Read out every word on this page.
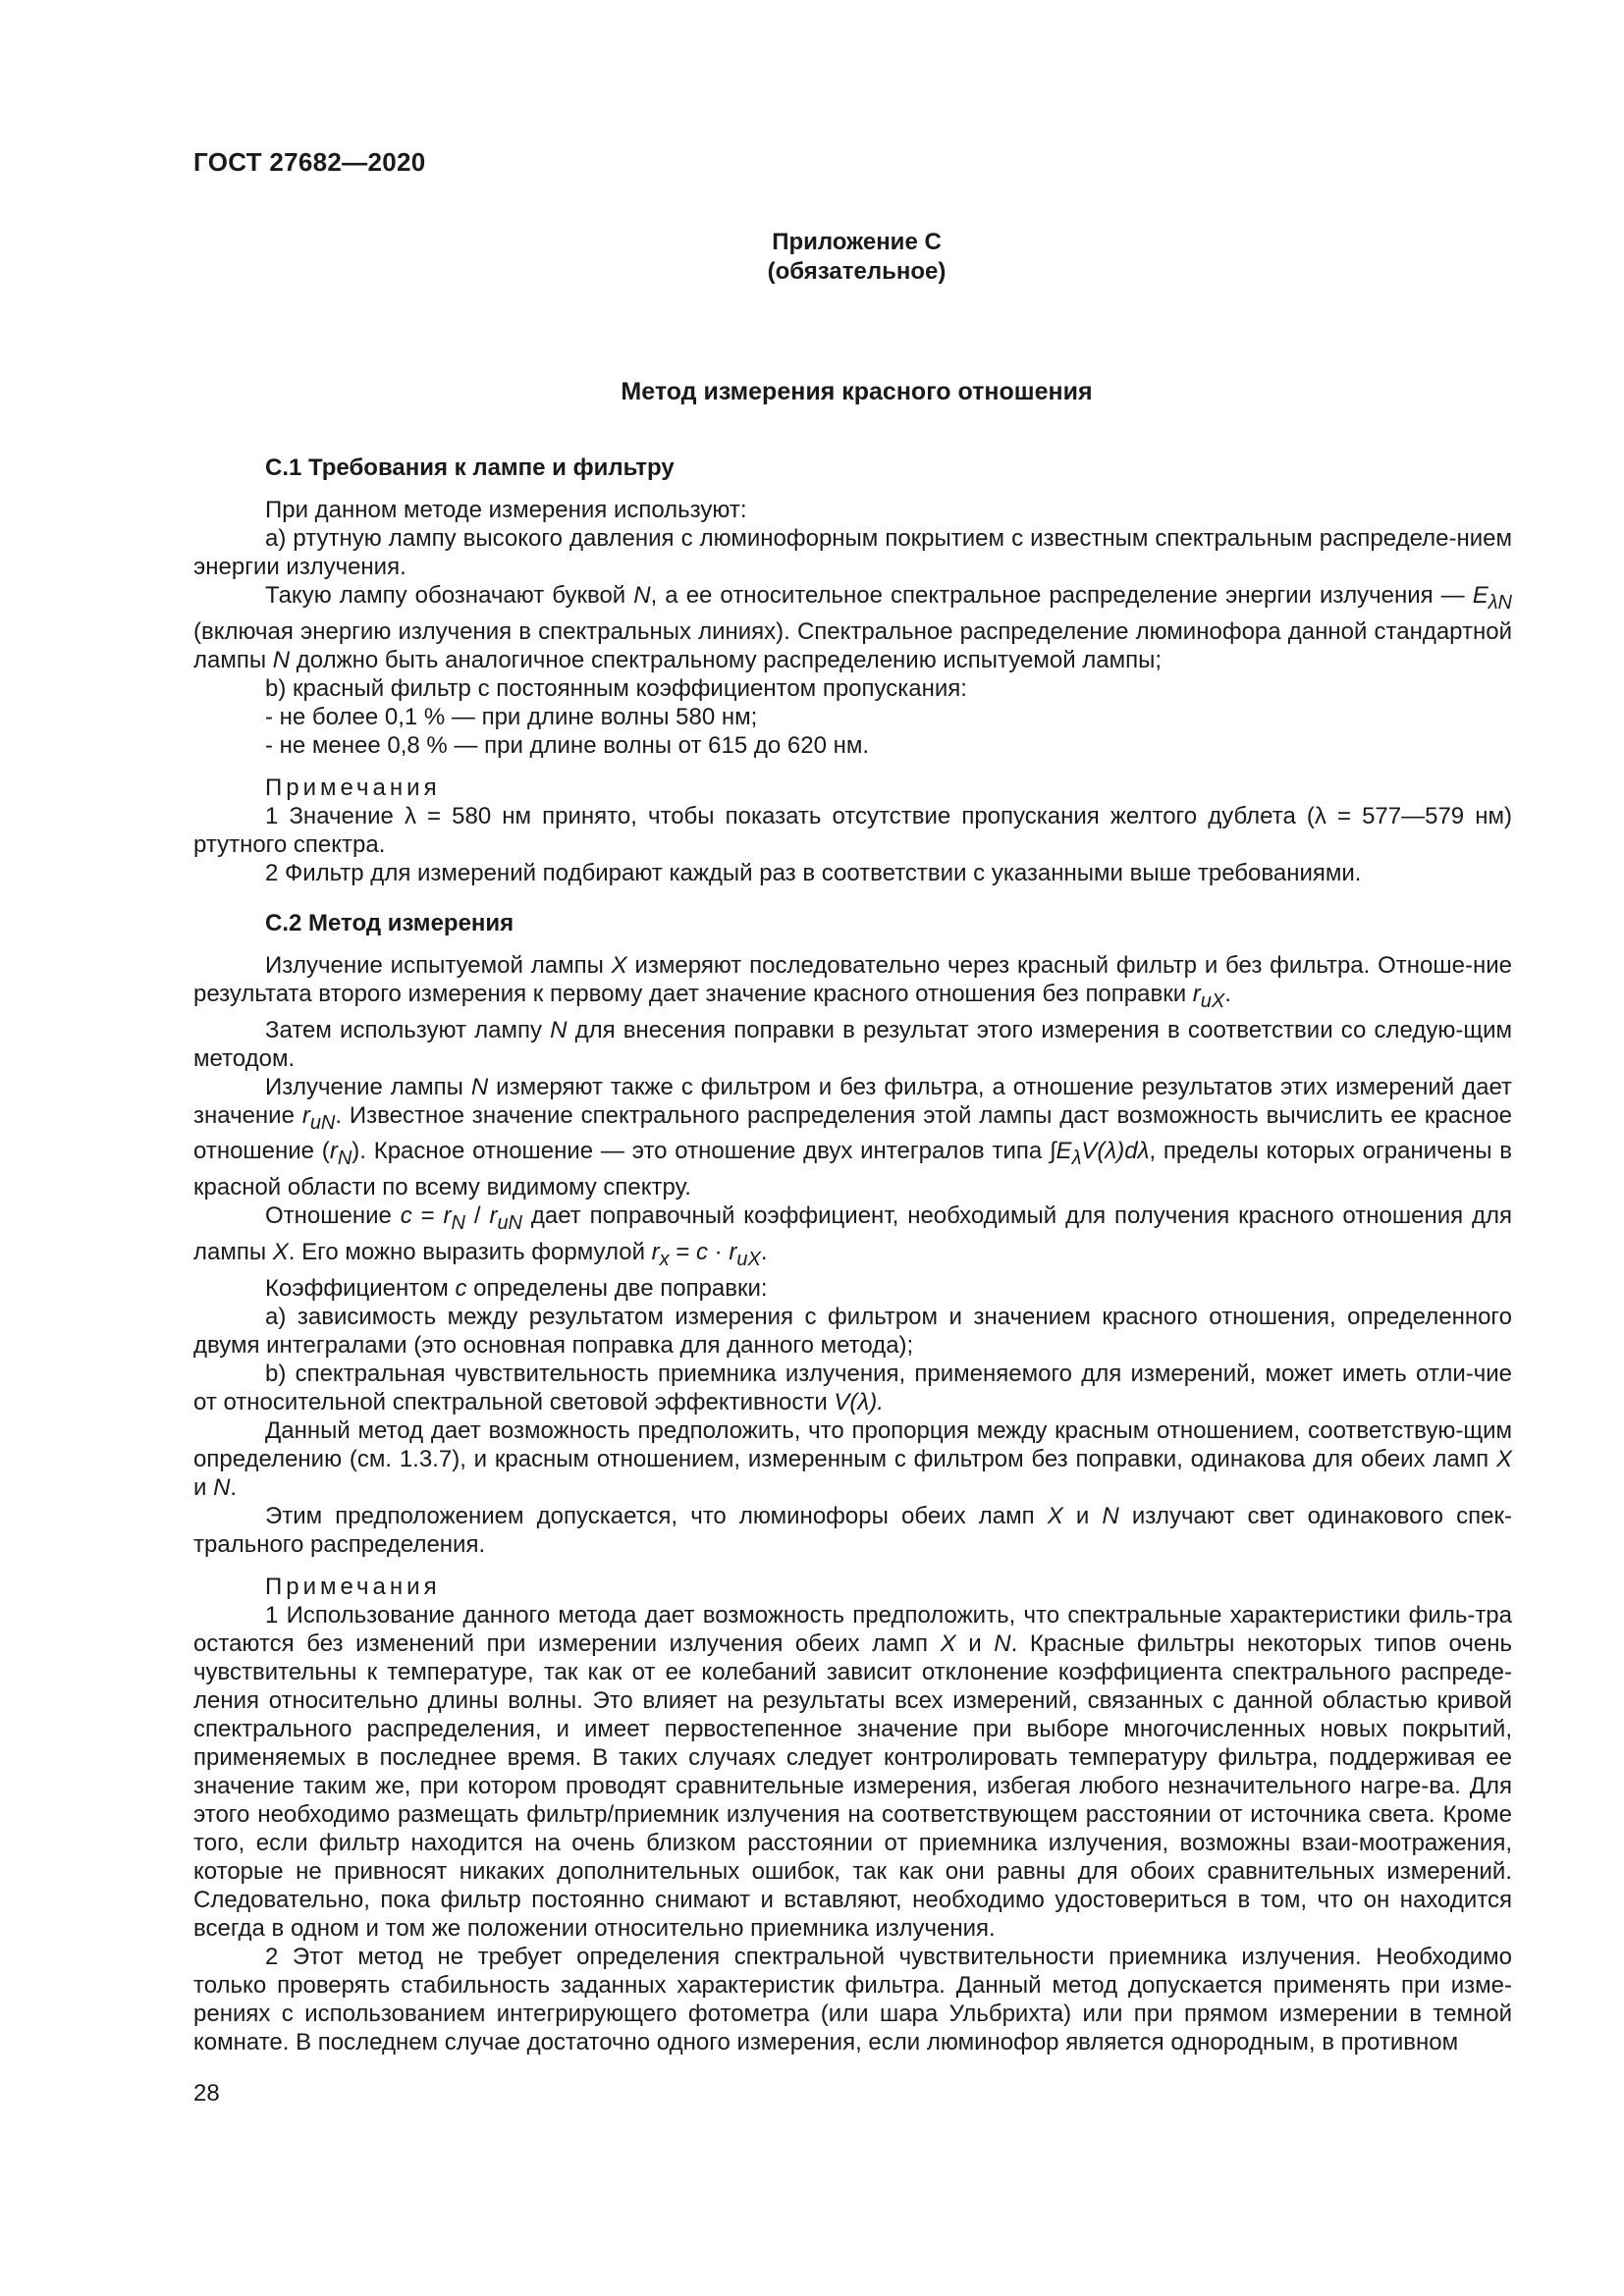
ГОСТ 27682—2020
Приложение С
(обязательное)
Метод измерения красного отношения
С.1 Требования к лампе и фильтру

При данном методе измерения используют:

а) ртутную лампу высокого давления с люминофорным покрытием с известным спектральным распределе-нием энергии излучения.

Такую лампу обозначают буквой N, а ее относительное спектральное распределение энергии излучения — $E_{\lambda N}$ (включая энергию излучения в спектральных линиях). Спектральное распределение люминофора данной стандартной лампы N должно быть аналогичное спектральному распределению испытуемой лампы;

b) красный фильтр с постоянным коэффициентом пропускания:

- не более 0,1 % — при длине волны 580 нм;

- не менее 0,8 % — при длине волны от 615 до 620 нм.

Примечания

1 Значение λ = 580 нм принято, чтобы показать отсутствие пропускания желтого дублета (λ = 577—579 нм) ртутного спектра.

2 Фильтр для измерений подбирают каждый раз в соответствии с указанными выше требованиями.

С.2 Метод измерения

Излучение испытуемой лампы X измеряют последовательно через красный фильтр и без фильтра. Отноше-ние результата второго измерения к первому дает значение красного отношения без поправки $r_{uX}$.

Затем используют лампу N для внесения поправки в результат этого измерения в соответствии со следую-щим методом.

Излучение лампы N измеряют также с фильтром и без фильтра, а отношение результатов этих измерений дает значение $r_{uN}$. Известное значение спектрального распределения этой лампы даст возможность вычислить ее красное отношение $(r_N)$. Красное отношение — это отношение двух интегралов типа $\int E_\lambda V(\lambda)d\lambda$, пределы которых ограничены в красной области по всему видимому спектру.

Отношение $c = r_N / r_{uN}$ дает поправочный коэффициент, необходимый для получения красного отношения для лампы X. Его можно выразить формулой $r_x = c \cdot r_{uX}$.

Коэффициентом c определены две поправки:

а) зависимость между результатом измерения с фильтром и значением красного отношения, определенного двумя интегралами (это основная поправка для данного метода);

b) спектральная чувствительность приемника излучения, применяемого для измерений, может иметь отли-чие от относительной спектральной световой эффективности V(λ).

Данный метод дает возможность предположить, что пропорция между красным отношением, соответствую-щим определению (см. 1.3.7), и красным отношением, измеренным с фильтром без поправки, одинакова для обеих ламп X и N.

Этим предположением допускается, что люминофоры обеих ламп X и N излучают свет одинакового спек-трального распределения.

Примечания

1 Использование данного метода дает возможность предположить, что спектральные характеристики филь-тра остаются без изменений при измерении излучения обеих ламп X и N. Красные фильтры некоторых типов очень чувствительны к температуре, так как от ее колебаний зависит отклонение коэффициента спектрального распреде-ления относительно длины волны. Это влияет на результаты всех измерений, связанных с данной областью кривой спектрального распределения, и имеет первостепенное значение при выборе многочисленных новых покрытий, применяемых в последнее время. В таких случаях следует контролировать температуру фильтра, поддерживая ее значение таким же, при котором проводят сравнительные измерения, избегая любого незначительного нагре-ва. Для этого необходимо размещать фильтр/приемник излучения на соответствующем расстоянии от источника света. Кроме того, если фильтр находится на очень близком расстоянии от приемника излучения, возможны взаи-моотражения, которые не привносят никаких дополнительных ошибок, так как они равны для обоих сравнительных измерений. Следовательно, пока фильтр постоянно снимают и вставляют, необходимо удостовериться в том, что он находится всегда в одном и том же положении относительно приемника излучения.

2 Этот метод не требует определения спектральной чувствительности приемника излучения. Необходимо только проверять стабильность заданных характеристик фильтра. Данный метод допускается применять при изме-рениях с использованием интегрирующего фотометра (или шара Ульбрихта) или при прямом измерении в темной комнате. В последнем случае достаточно одного измерения, если люминофор является однородным, в противном

28
